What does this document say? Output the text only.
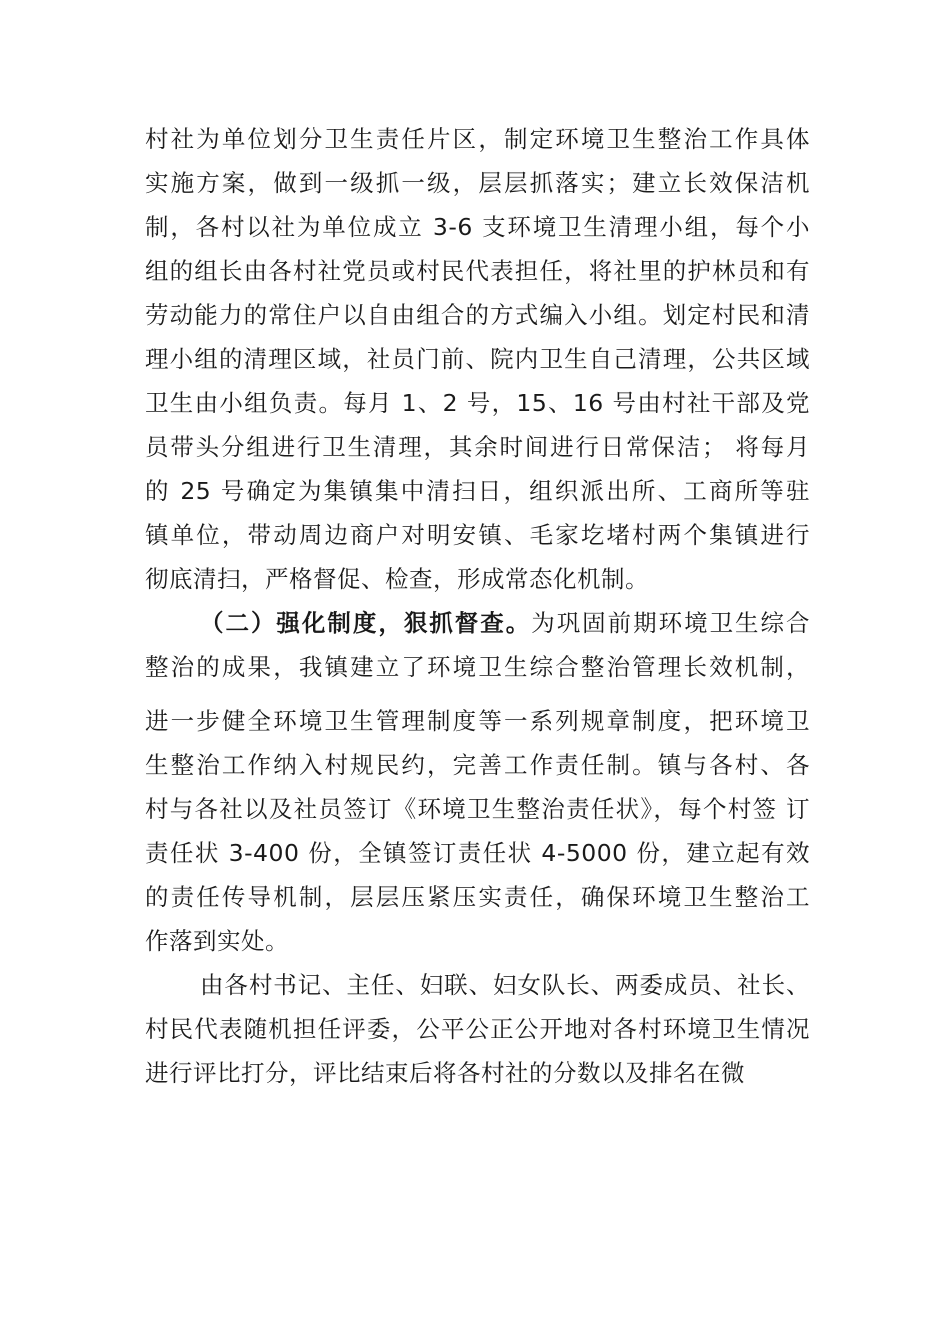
村社为单位划分卫生责任片区，制定环境卫生整治工作具体
实施方案，做到一级抓一级，层层抓落实；建立长效保洁机
制，各村以社为单位成立 3-6 支环境卫生清理小组，每个小
组的组长由各村社党员或村民代表担任，将社里的护林员和有
劳动能力的常住户以自由组合的方式编入小组。划定村民和清
理小组的清理区域，社员门前、院内卫生自己清理，公共区域
卫生由小组负责。每月 1、2 号，15、16 号由村社干部及党
员带头分组进行卫生清理，其余时间进行日常保洁； 将每月
的 25 号确定为集镇集中清扫日，组织派出所、工商所等驻
镇单位，带动周边商户对明安镇、毛家圪堵村两个集镇进行
彻底清扫，严格督促、检查，形成常态化机制。
（二）强化制度，狠抓督查。为巩固前期环境卫生综合
整治的成果，我镇建立了环境卫生综合整治管理长效机制，
进一步健全环境卫生管理制度等一系列规章制度，把环境卫
生整治工作纳入村规民约，完善工作责任制。镇与各村、各
村与各社以及社员签订《环境卫生整治责任状》，每个村签 订
责任状 3-400 份，全镇签订责任状 4-5000 份，建立起有效
的责任传导机制，层层压紧压实责任，确保环境卫生整治工
作落到实处。
由各村书记、主任、妇联、妇女队长、两委成员、社长、
村民代表随机担任评委，公平公正公开地对各村环境卫生情况
进行评比打分，评比结束后将各村社的分数以及排名在微
